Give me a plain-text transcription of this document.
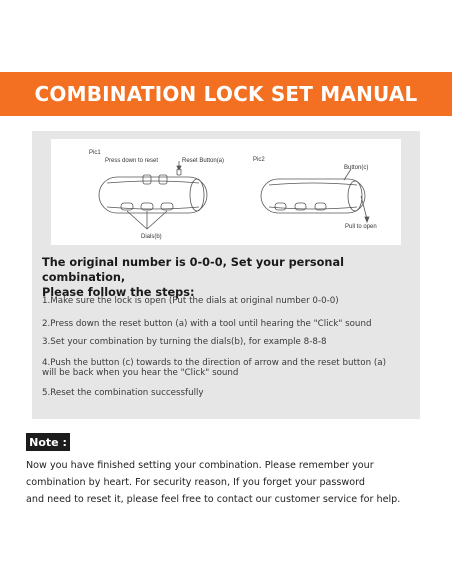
COMBINATION LOCK SET MANUAL
Pic1
Press down to reset	Reset Button(a)
Dials(b)
Pic2
Button(c)
Pull to open
The original number is 0-0-0, Set your personal combination,
Please follow the steps:
1.Make sure the lock is open (Put the dials at original number 0-0-0)
2.Press down the reset button (a) with a tool until hearing the "Click" sound
3.Set your combination by turning the dials(b), for example 8-8-8
4.Push the button (c) towards to the direction of arrow and the reset button (a)
will be back when you hear the "Click" sound
5.Reset the combination successfully
Note :
Now you have finished setting your combination. Please remember your
combination by heart. For security reason, If you forget your password
and need to reset it, please feel free to contact our customer service for help.
